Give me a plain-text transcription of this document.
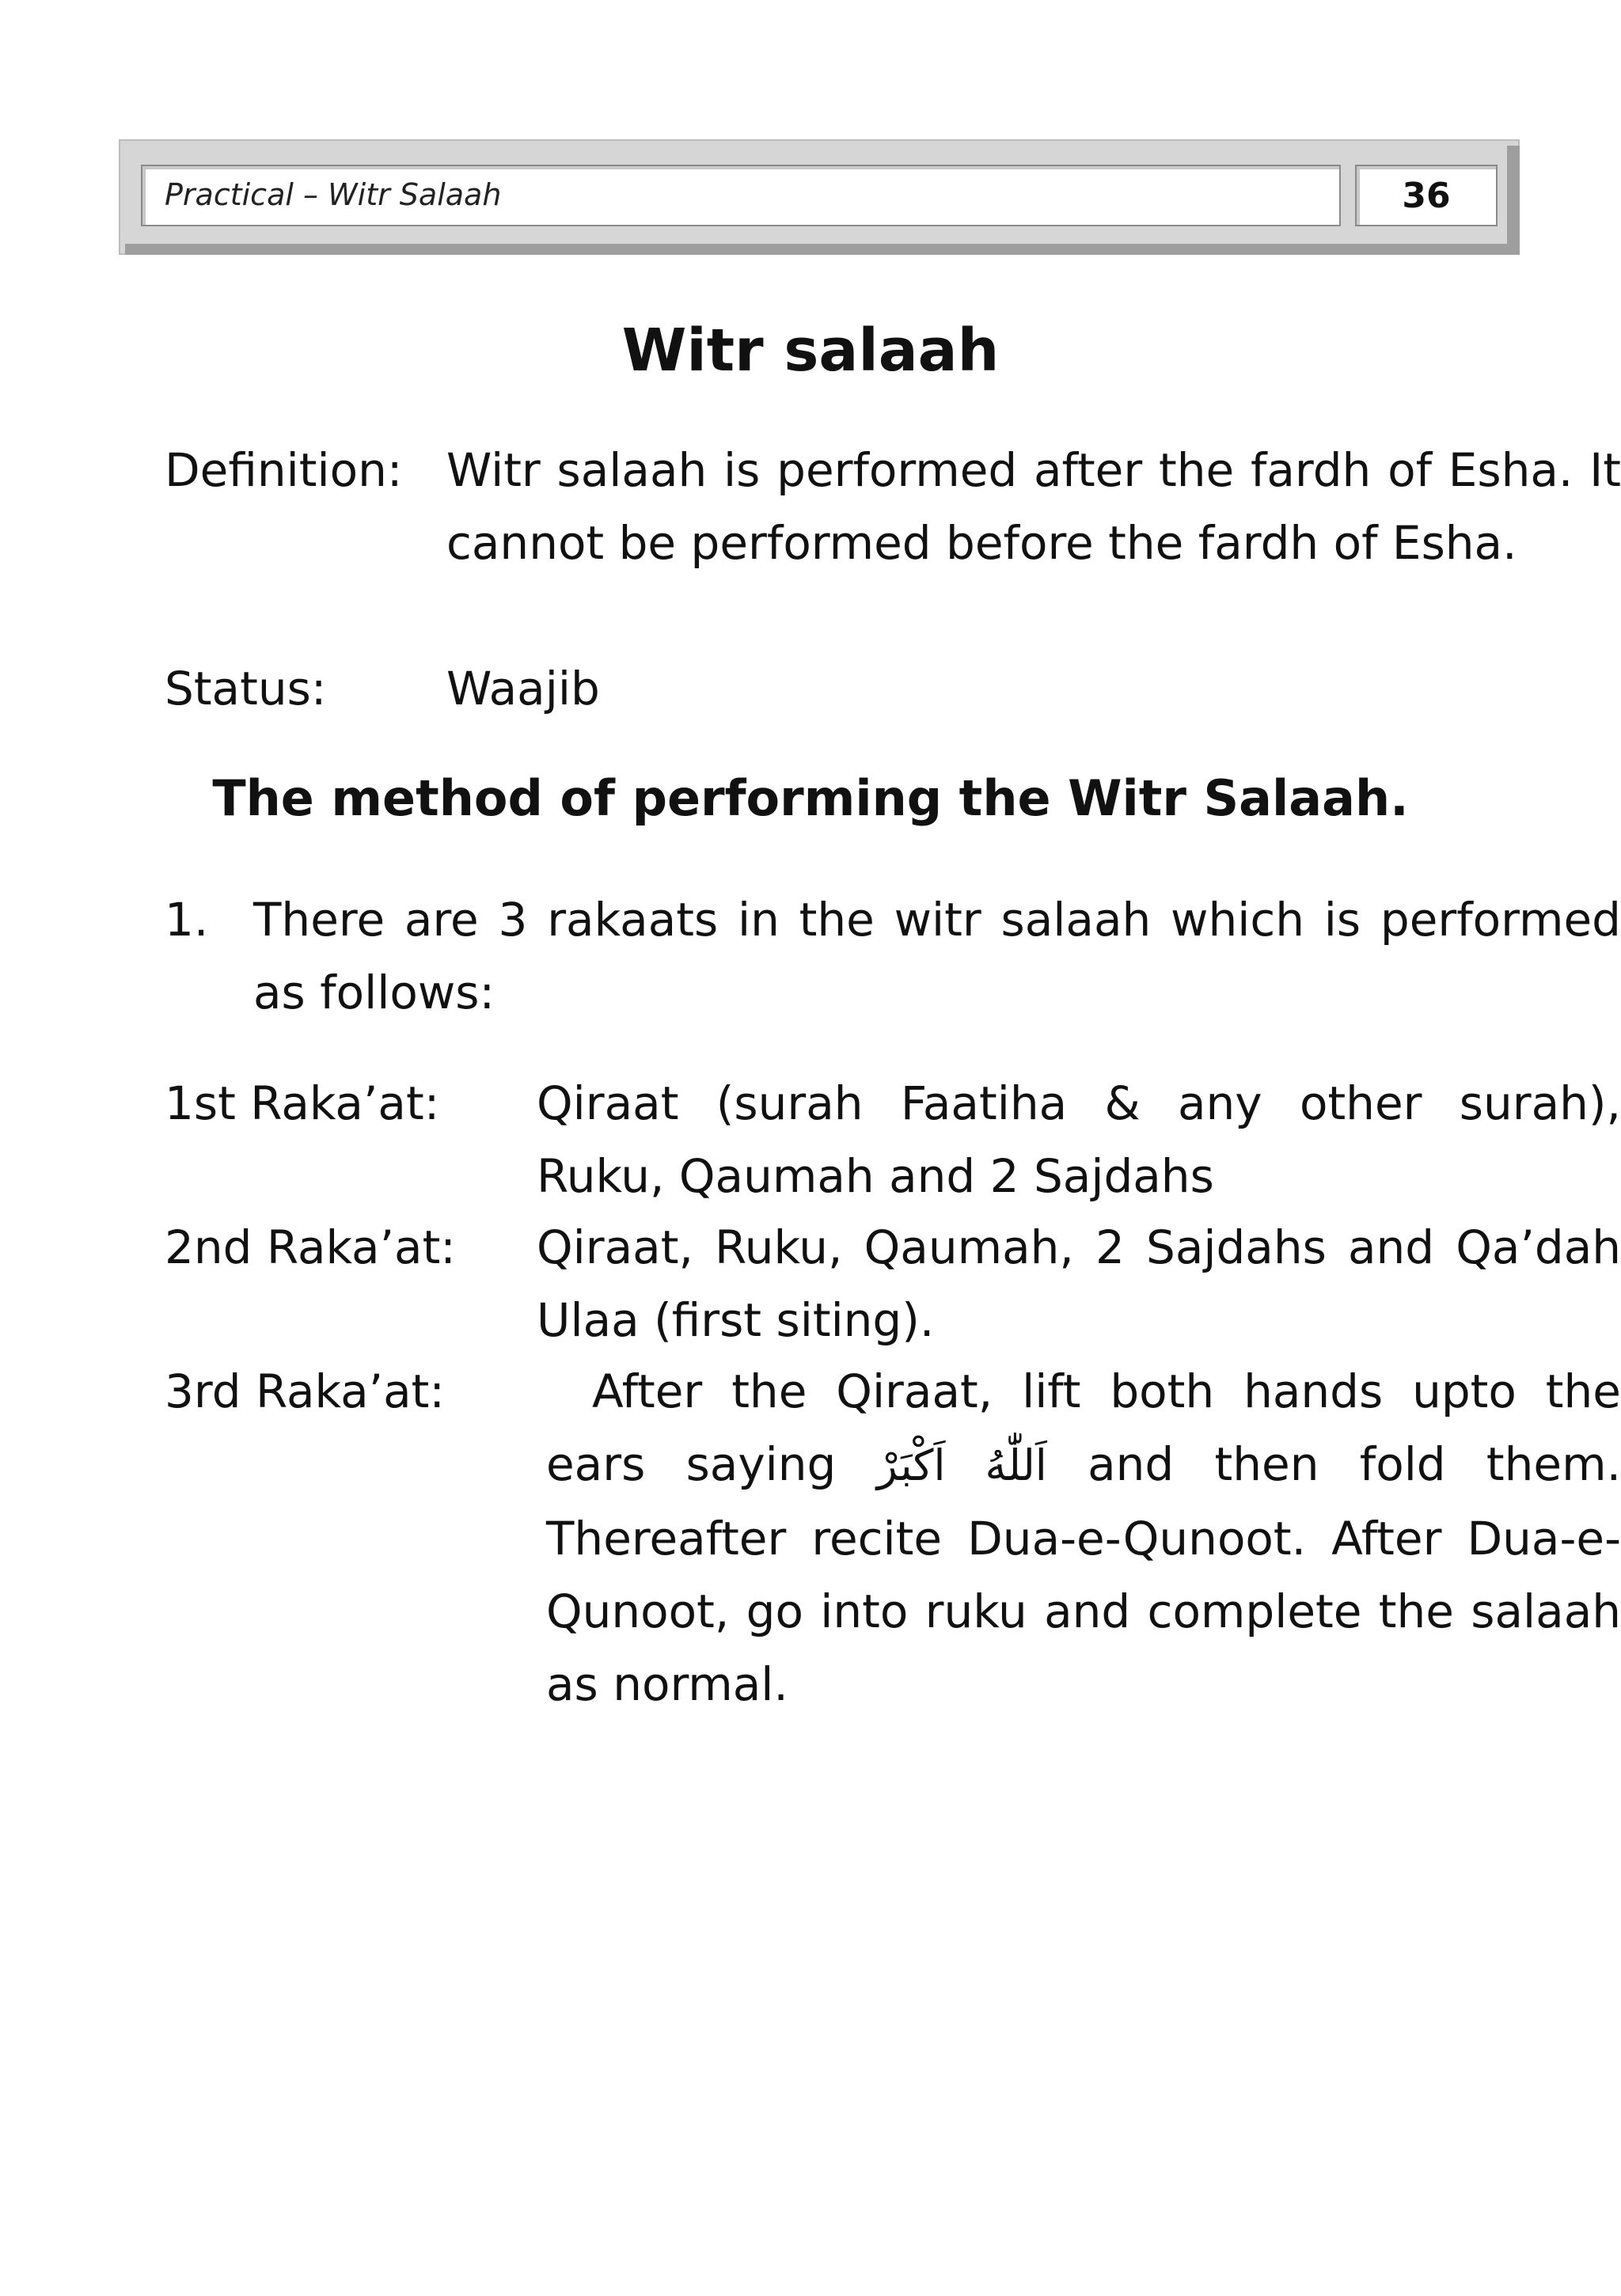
Practical – Witr Salaah	36
Witr salaah
Definition: Witr salaah is performed after the fardh of Esha. It cannot be performed before the fardh of Esha.
Status:	Waajib
The method of performing the Witr Salaah.
1. There are 3 rakaats in the witr salaah which is performed as follows:
1st Raka’at: Qiraat (surah Faatiha & any other surah), Ruku, Qaumah and 2 Sajdahs
2nd Raka’at: Qiraat, Ruku, Qaumah, 2 Sajdahs and Qa’dah Ulaa (first siting).
3rd Raka’at:	After the Qiraat, lift both hands upto the ears saying اَللّٰهُ اَكْبَرْ and then fold them. Thereafter recite Dua-e-Qunoot. After Dua-e-Qunoot, go into ruku and complete the salaah as normal.
